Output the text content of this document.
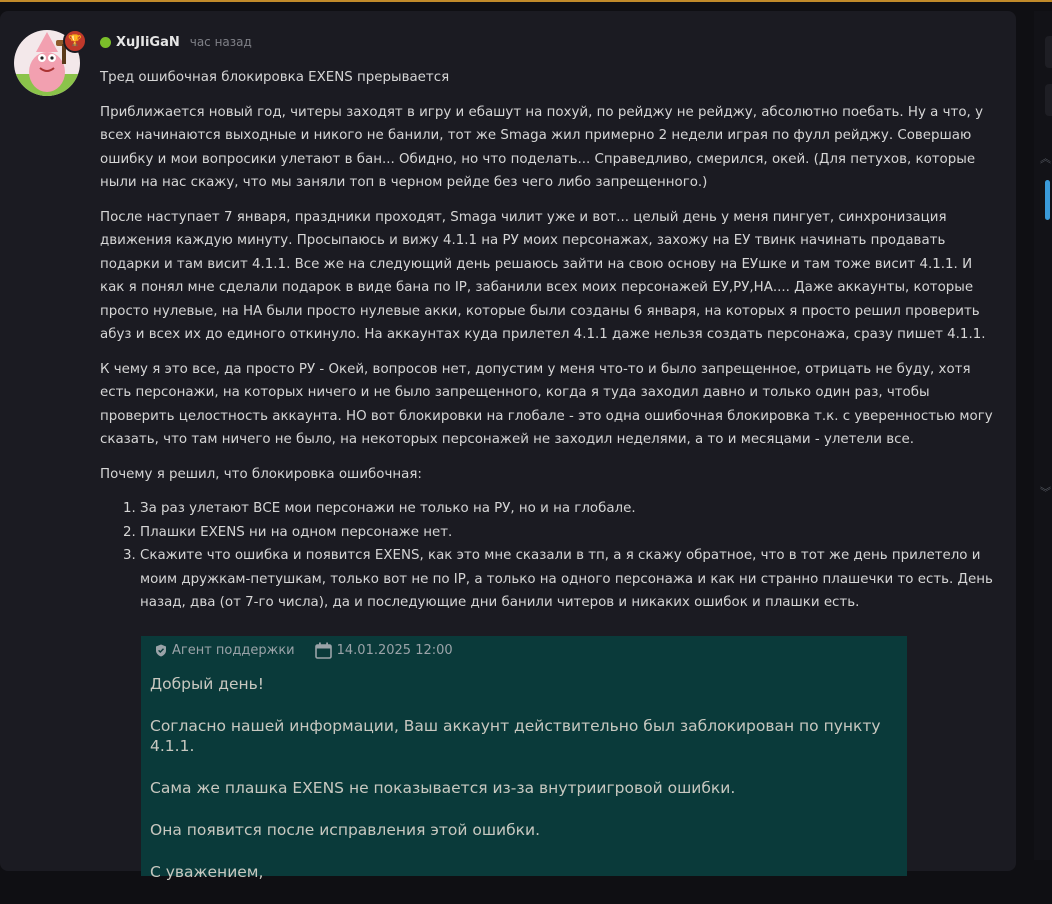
🏆	XuJIiGaN час назад

Тред ошибочная блокировка EXENS прерывается

Приближается новый год, читеры заходят в игру и ебашут на похуй, по рейджу не рейджу, абсолютно поебать. Ну а что, у всех начинаются выходные и никого не банили, тот же Smaga жил примерно 2 недели играя по фулл рейджу. Совершаю ошибку и мои вопросики улетают в бан... Обидно, но что поделать... Справедливо, смерился, окей. (Для петухов, которые ныли на нас скажу, что мы заняли топ в черном рейде без чего либо запрещенного.)

После наступает 7 января, праздники проходят, Smaga чилит уже и вот... целый день у меня пингует, синхронизация движения каждую минуту. Просыпаюсь и вижу 4.1.1 на РУ моих персонажах, захожу на ЕУ твинк начинать продавать подарки и там висит 4.1.1. Все же на следующий день решаюсь зайти на свою основу на ЕУшке и там тоже висит 4.1.1. И как я понял мне сделали подарок в виде бана по IP, забанили всех моих персонажей ЕУ,РУ,НА.... Даже аккаунты, которые просто нулевые, на НА были просто нулевые акки, которые были созданы 6 января, на которых я просто решил проверить абуз и всех их до единого откинуло. На аккаунтах куда прилетел 4.1.1 даже нельзя создать персонажа, сразу пишет 4.1.1.

К чему я это все, да просто РУ - Окей, вопросов нет, допустим у меня что-то и было запрещенное, отрицать не буду, хотя есть персонажи, на которых ничего и не было запрещенного, когда я туда заходил давно и только один раз, чтобы проверить целостность аккаунта. НО вот блокировки на глобале - это одна ошибочная блокировка т.к. с уверенностью могу сказать, что там ничего не было, на некоторых персонажей не заходил неделями, а то и месяцами - улетели все.

Почему я решил, что блокировка ошибочная:

1. За раз улетают ВСЕ мои персонажи не только на РУ, но и на глобале.
2. Плашки EXENS ни на одном персонаже нет.
3. Скажите что ошибка и появится EXENS, как это мне сказали в тп, а я скажу обратное, что в тот же день прилетело и моим дружкам-петушкам, только вот не по IP, а только на одного персонажа и как ни странно плашечки то есть. День назад, два (от 7-го числа), да и последующие дни банили читеров и никаких ошибок и плашки есть.
Агент поддержки	14.01.2025 12:00

Добрый день!

Согласно нашей информации, Ваш аккаунт действительно был заблокирован по пункту 4.1.1.

Сама же плашка EXENS не показывается из-за внутриигровой ошибки.

Она появится после исправления этой ошибки.

С уважением,

︽
︾
